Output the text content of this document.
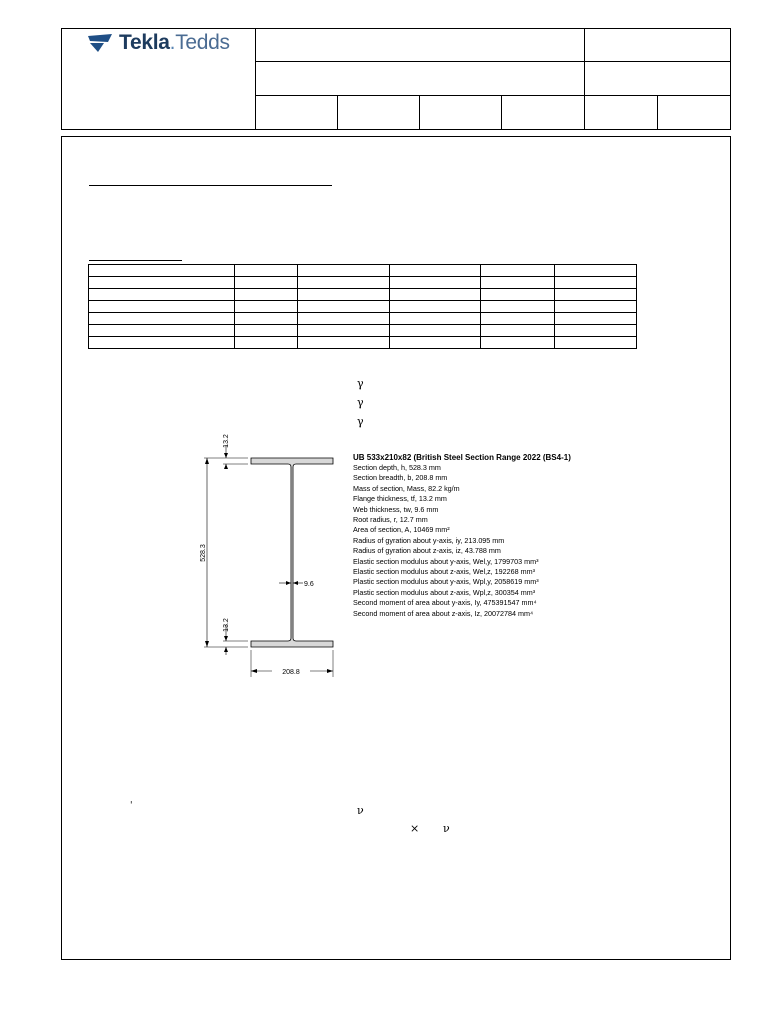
Tekla.Tedds

γ
γ
γ
'	ν
× ν
528.3
13.2
13.2
9.6
208.8
UB 533x210x82 (British Steel Section Range 2022 (BS4-1)
Section depth, h, 528.3 mm
Section breadth, b, 208.8 mm
Mass of section, Mass, 82.2 kg/m
Flange thickness, tf, 13.2 mm
Web thickness, tw, 9.6 mm
Root radius, r, 12.7 mm
Area of section, A, 10469 mm²
Radius of gyration about y-axis, iy, 213.095 mm
Radius of gyration about z-axis, iz, 43.788 mm
Elastic section modulus about y-axis, Wel,y, 1799703 mm³
Elastic section modulus about z-axis, Wel,z, 192268 mm³
Plastic section modulus about y-axis, Wpl,y, 2058619 mm³
Plastic section modulus about z-axis, Wpl,z, 300354 mm³
Second moment of area about y-axis, Iy, 475391547 mm⁴
Second moment of area about z-axis, Iz, 20072784 mm⁴
